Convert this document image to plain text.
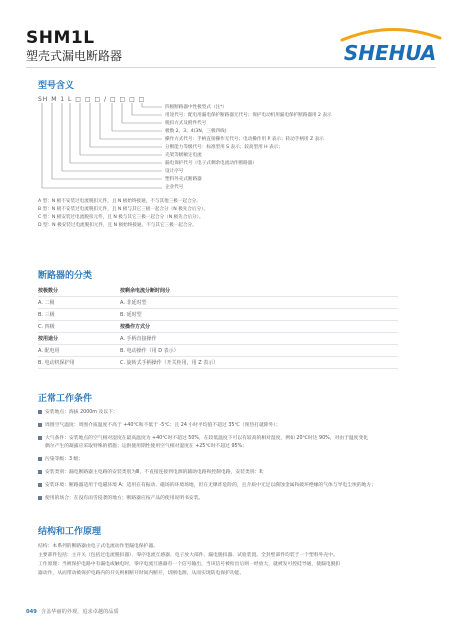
SHM1L
塑壳式漏电断路器	SHEHUA
型号含义
SH M 1 L □ □ □ / □ □ □ □
四极断路器中性极型式（注*）
用途代号：配电用漏电保护断路器无代号；保护电动机用漏电保护断路器用 2 表示
脱扣方式及附件代号
极数 2、3、4(3N，三极四线)
操作方式代号：手柄直接操作无代号；电动操作用 P 表示；转动手柄用 Z 表示
分断能力等级代号：标准型用 S 表示；较高型用 H 表示；
壳架等级额定电流
漏电保护代号（电子式剩余电流动作断路器）
设计序号
塑料外壳式断路器
企业代号
A 型：N 极不安装过电流脱扣元件，且 N 极始终接通，不与其他三极一起合分。
B 型：N 极不安装过电流脱扣元件，且 N 极与其它三极一起合分（N 极先合后分）。
C 型：N 极安装过电流脱扣元件，且 N 极与其它三极一起合分（N 极先合后分）。
D 型：N 极安装过电流脱扣元件，且 N 极始终接通，不与其它三极一起合分。
断路器的分类
按极数分	按剩余电流分断时间分
A. 二极	A. 非延时型
B. 三极	B. 延时型
C. 四极	按操作方式分
按用途分	A. 手柄直接操作
A. 配电用	B. 电动操作（用 D 表示）
B. 电动机保护用	C. 旋转式手柄操作（开关柜用，用 Z 表示）
正常工作条件
安装地点：海拔 2000m 及以下；
周围空气温度：周围介质温度不高于 +40℃和不低于 -5℃；且 24 小时平均值不超过 35℃（预热打就除外）；
大气条件：安装地点的空气相对湿度在最高温度为 +40℃时不超过 50%，在较低温度下可以有较高的相对湿度，例如 20℃时达 90%，对由于温度变化
偶尔产生的凝露应采取特殊的措施；运供使用期性使用空气相对湿度在 +25℃时不超过 95%；
污染等级：3 级；
安装类别：漏电断路器主电路的安装类别为Ⅲ，不直接连接到电源的辅助电路和控制电路，安装类别：Ⅱ；
安装环境：断路器适用于电磁环境 A；适用在有振动、磁场的环境场地，但在无爆炸危险的，且介质中无足以腐蚀金属和破坏绝缘的气体与导电尘埃的地方；
使用的场合：在没有雨雪侵袭的地方；断路器应按产品的使用说明书安装。
结构和工作原理
结构：本系列的断路器由电子式电流动作型漏电保护器。
主要部件包括：主开关（包括过电流脱扣器）、零序电流互感器、电子放大部件、漏电脱扣器、试验装置。全封壁部件均装于一个塑料外壳中。
工作原理：当被保护电路中有漏电或触电时，零序电流互感器有一个信号输出，当该信号被检出后则一经放大，就被发可控硅导通，使漏电脱扣
器动作，从而带动被保护电路内的开关则相断开时间内断开，切断电源，从而实现防电保护功能。
049 含盖华丽的外观，追求卓越的品质
